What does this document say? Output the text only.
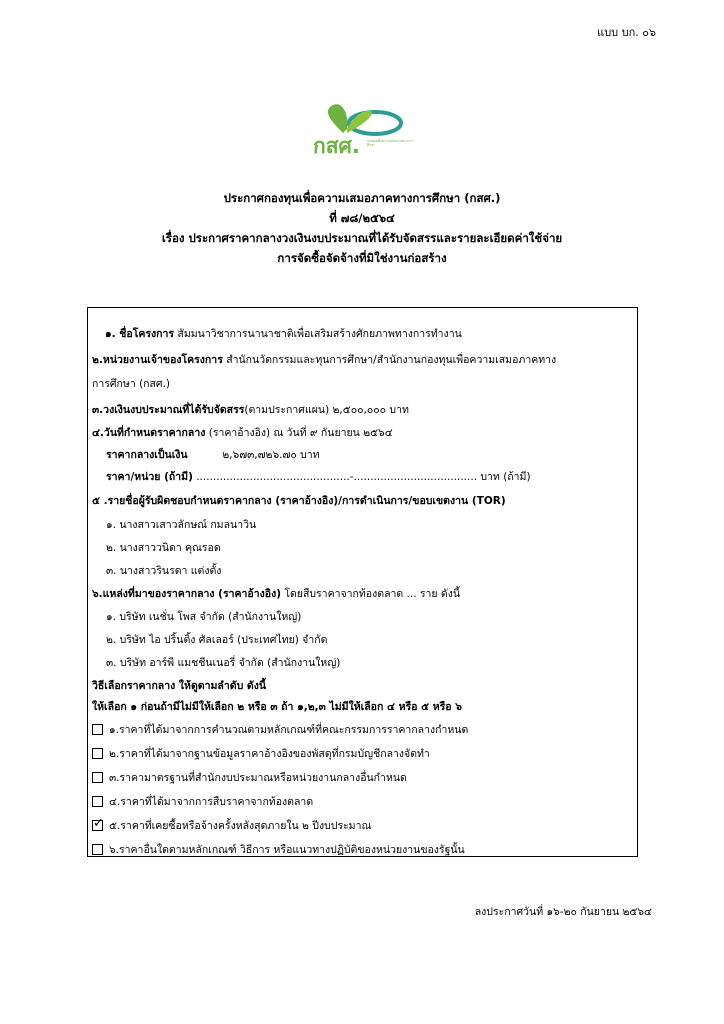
แบบ บก. ๐๖
กสศ. กองทุนเพื่อความเสมอภาคทางการศึกษา
ประกาศกองทุนเพื่อความเสมอภาคทางการศึกษา (กสศ.)
ที่ ๗๘/๒๕๖๔
เรื่อง ประกาศราคากลางวงเงินงบประมาณที่ได้รับจัดสรรและรายละเอียดค่าใช้จ่าย
การจัดซื้อจัดจ้างที่มิใช่งานก่อสร้าง
๑. ชื่อโครงการ สัมมนาวิชาการนานาชาติเพื่อเสริมสร้างศักยภาพทางการทำงาน
๒.หน่วยงานเจ้าของโครงการ สำนักนวัตกรรมและทุนการศึกษา/สำนักงานกองทุนเพื่อความเสมอภาคทาง
การศึกษา (กสศ.)
๓.วงเงินงบประมาณที่ได้รับจัดสรร(ตามประกาศแผน) ๒,๕๐๐,๐๐๐ บาท
๔.วันที่กำหนดราคากลาง (ราคาอ้างอิง) ณ วันที่ ๙ กันยายน ๒๕๖๔
ราคากลางเป็นเงิน	๒,๖๗๓,๗๒๖.๗๐ บาท
ราคา/หน่วย (ถ้ามี) ..............................................-..................................... บาท (ถ้ามี)
๕ .รายชื่อผู้รับผิดชอบกำหนดราคากลาง (ราคาอ้างอิง)/การดำเนินการ/ขอบเขตงาน (TOR)
๑. นางสาวเสาวลักษณ์ กมลนาวิน
๒. นางสาววนิดา คุณรอด
๓. นางสาวรินรดา แต่งตั้ง
๖.แหล่งที่มาของราคากลาง (ราคาอ้างอิง) โดยสืบราคาจากท้องตลาด ... ราย ดังนี้
๑. บริษัท เนชั่น โพส จำกัด (สำนักงานใหญ่)
๒. บริษัท ไอ ปริ้นติ้ง ศัลเลอร์ (ประเทศไทย) จำกัด
๓. บริษัท อาร์พี แมชชีนเนอรี่ จำกัด (สำนักงานใหญ่)
วิธีเลือกราคากลาง ให้ดูตามลำดับ ดังนี้
ให้เลือก ๑ ก่อนถ้ามีไม่มีให้เลือก ๒ หรือ ๓ ถ้า ๑,๒,๓ ไม่มีให้เลือก ๔ หรือ ๕ หรือ ๖
๑.ราคาที่ได้มาจากการคำนวณตามหลักเกณฑ์ที่คณะกรรมการราคากลางกำหนด
๒.ราคาที่ได้มาจากฐานข้อมูลราคาอ้างอิงของพัสดุที่กรมบัญชีกลางจัดทำ
๓.ราคามาตรฐานที่สำนักงบประมาณหรือหน่วยงานกลางอื่นกำหนด
๔.ราคาที่ได้มาจากการสืบราคาจากท้องตลาด
✓ ๕.ราคาที่เคยซื้อหรือจ้างครั้งหลังสุดภายใน ๒ ปีงบประมาณ
๖.ราคาอื่นใดตามหลักเกณฑ์ วิธีการ หรือแนวทางปฏิบัติของหน่วยงานของรัฐนั้น
ลงประกาศวันที่ ๑๖-๒๐ กันยายน ๒๕๖๔
